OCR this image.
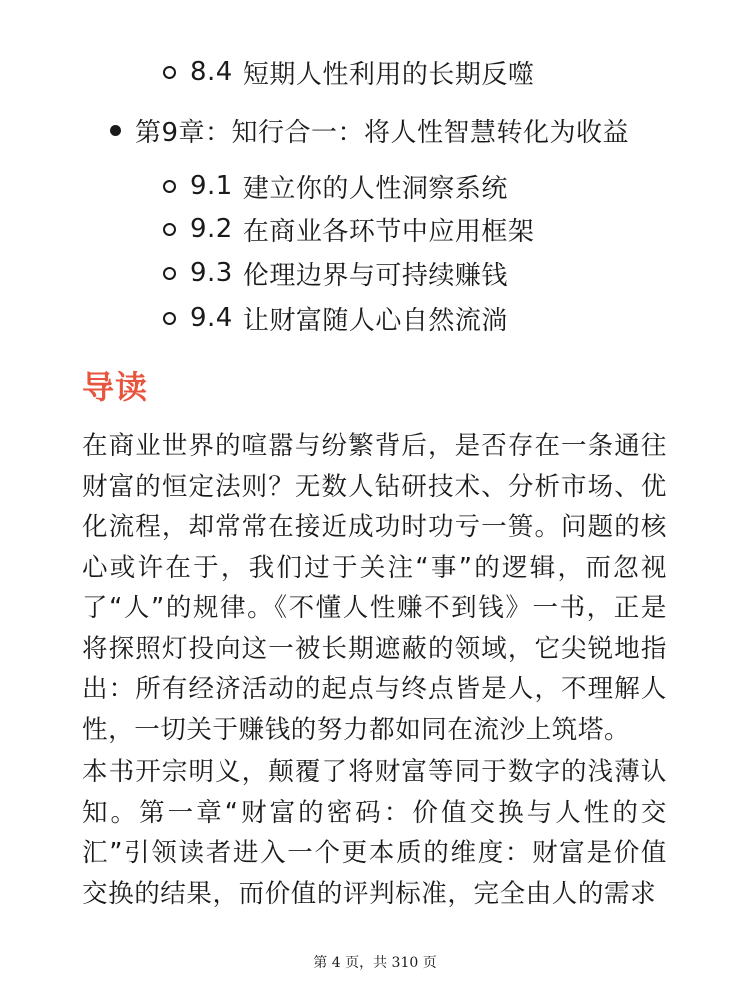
8.4 短期人性利用的长期反噬
第9章：知行合一：将人性智慧转化为收益
9.1 建立你的人性洞察系统
9.2 在商业各环节中应用框架
9.3 伦理边界与可持续赚钱
9.4 让财富随人心自然流淌
导读

在商业世界的喧嚣与纷繁背后，是否存在一条通往财富的恒定法则？无数人钻研技术、分析市场、优化流程，却常常在接近成功时功亏一篑。问题的核心或许在于，我们过于关注“事”的逻辑，而忽视了“人”的规律。《不懂人性赚不到钱》一书，正是将探照灯投向这一被长期遮蔽的领域，它尖锐地指出：所有经济活动的起点与终点皆是人，不理解人性，一切关于赚钱的努力都如同在流沙上筑塔。

本书开宗明义，颠覆了将财富等同于数字的浅薄认知。第一章“财富的密码：价值交换与人性的交汇”引领读者进入一个更本质的维度：财富是价值交换的结果，而价值的评判标准，完全由人的需求

第 4 页，共 310 页
